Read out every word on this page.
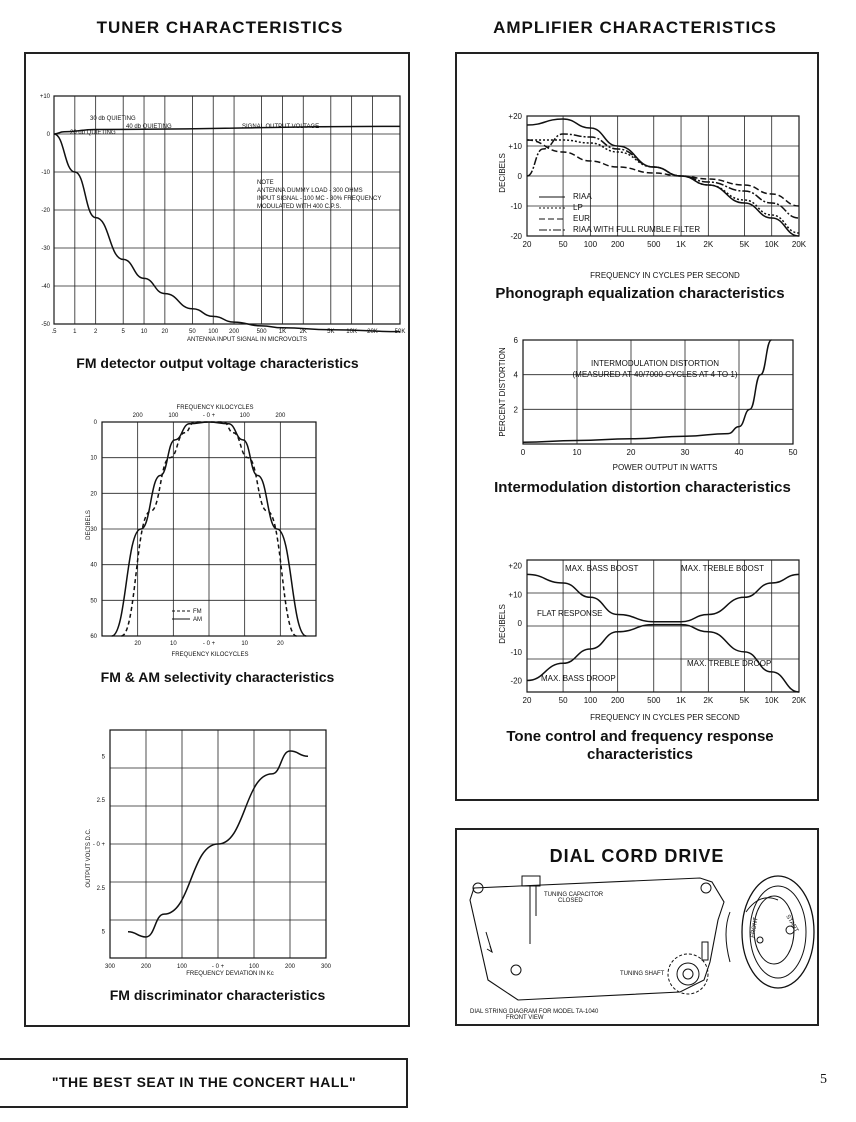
TUNER CHARACTERISTICS	AMPLIFIER CHARACTERISTICS
.5	1	2	5	10 20	50 100 200	500 1K 2K	5K 10K 20K	50K
+10
0
-10
-20
-30
-40
-50
ANTENNA INPUT SIGNAL IN MICROVOLTS
30 db QUIETING
40 db QUIETING
20 db QUIETING
SIGNAL OUTPUT VOLTAGE
NOTE
ANTENNA DUMMY LOAD - 300 OHMS
INPUT SIGNAL - 100 MC - 30% FREQUENCY
MODULATED WITH 400 C.P.S.
FM detector output voltage characteristics
200
20
100
10
- 0 +
- 0 +
100
10
200
20
0
10
20
30
40
50
60
FREQUENCY KILOCYCLES
FREQUENCY KILOCYCLES
DECIBELS
FM
AM
FM & AM selectivity characteristics
300	200	100	- 0 +	100	200	300
5
2.5
- 0 +
2.5
5
FREQUENCY DEVIATION IN Kc
OUTPUT VOLTS D.C.
FM discriminator characteristics
20	50 100 200	500 1K 2K	5K 10K 20K
+20
+10
0
-10
-20
FREQUENCY IN CYCLES PER SECOND
DECIBELS
RIAA
LP
EUR
RIAA WITH FULL RUMBLE FILTER
Phonograph equalization characteristics
0	10	20	30	40	50
6
4
2
INTERMODULATION DISTORTION
(MEASURED AT 40/7000 CYCLES AT 4 TO 1)
POWER OUTPUT IN WATTS
PERCENT DISTORTION
Intermodulation distortion characteristics
20	50 100 200	500 1K 2K	5K 10K 20K
+20
+10
0
-10
-20
MAX. BASS BOOST	MAX. TREBLE BOOST
FLAT RESPONSE
MAX. TREBLE DROOP
MAX. BASS DROOP
FREQUENCY IN CYCLES PER SECOND
DECIBELS
Tone control and frequency response characteristics
DIAL CORD DRIVE
TUNING CAPACITOR
CLOSED
TUNING SHAFT
DIAL STRING DIAGRAM FOR MODEL TA-1040
FRONT VIEW
FRONT	START
"THE BEST SEAT IN THE CONCERT HALL"	5
